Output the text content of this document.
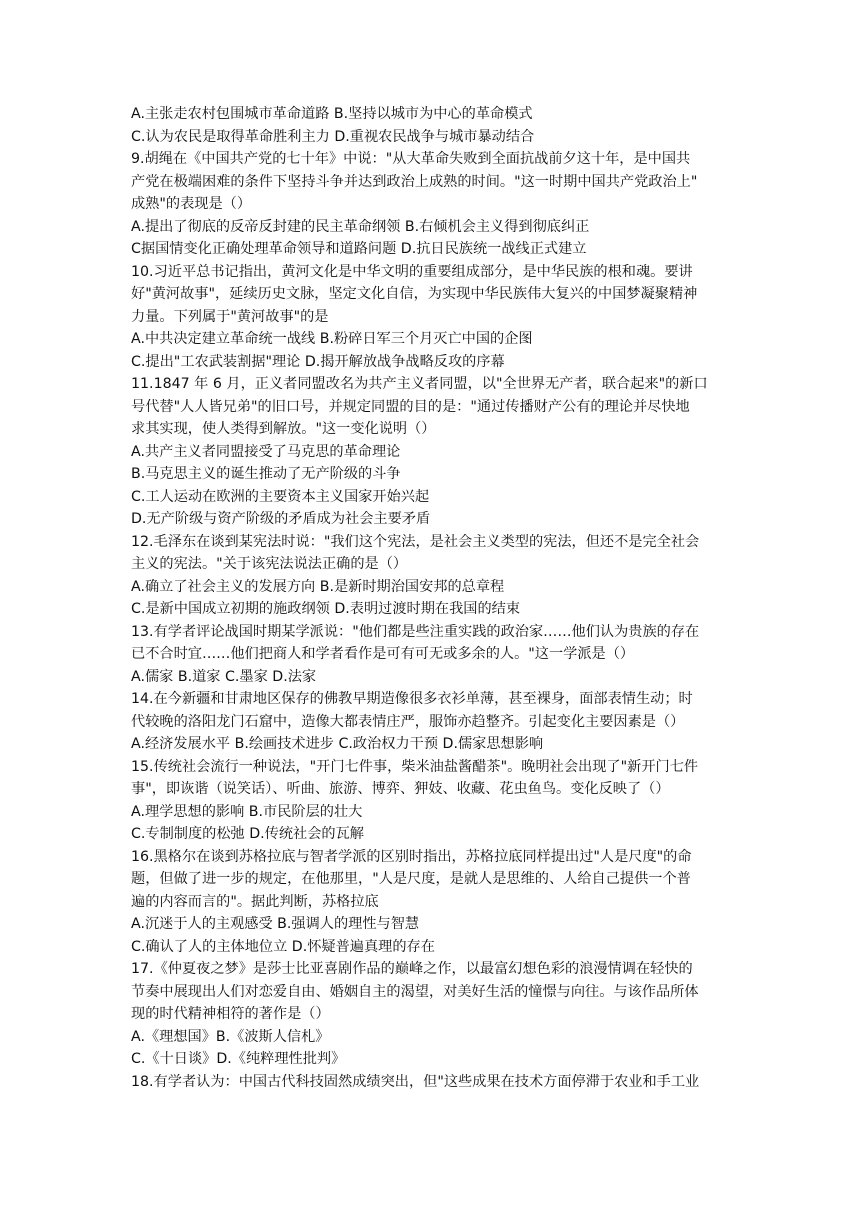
A.主张走农村包围城市革命道路 B.坚持以城市为中心的革命模式
C.认为农民是取得革命胜利主力 D.重视农民战争与城市暴动结合
9.胡绳在《中国共产党的七十年》中说："从大革命失败到全面抗战前夕这十年，是中国共
产党在极端困难的条件下坚持斗争并达到政治上成熟的时间。"这一时期中国共产党政治上"
成熟"的表现是（）
A.提出了彻底的反帝反封建的民主革命纲领 B.右倾机会主义得到彻底纠正
C据国情变化正确处理革命领导和道路问题 D.抗日民族统一战线正式建立
10.习近平总书记指出，黄河文化是中华文明的重要组成部分，是中华民族的根和魂。要讲
好"黄河故事"，延续历史文脉，坚定文化自信，为实现中华民族伟大复兴的中国梦凝聚精神
力量。下列属于"黄河故事"的是
A.中共决定建立革命统一战线 B.粉碎日军三个月灭亡中国的企图
C.提出"工农武装割据"理论 D.揭开解放战争战略反攻的序幕
11.1847 年 6 月，正义者同盟改名为共产主义者同盟，以"全世界无产者，联合起来"的新口
号代替"人人皆兄弟"的旧口号，并规定同盟的目的是："通过传播财产公有的理论并尽快地
求其实现，使人类得到解放。"这一变化说明（）
A.共产主义者同盟接受了马克思的革命理论
B.马克思主义的诞生推动了无产阶级的斗争
C.工人运动在欧洲的主要资本主义国家开始兴起
D.无产阶级与资产阶级的矛盾成为社会主要矛盾
12.毛泽东在谈到某宪法时说："我们这个宪法，是社会主义类型的宪法，但还不是完全社会
主义的宪法。"关于该宪法说法正确的是（）
A.确立了社会主义的发展方向 B.是新时期治国安邦的总章程
C.是新中国成立初期的施政纲领 D.表明过渡时期在我国的结束
13.有学者评论战国时期某学派说："他们都是些注重实践的政治家……他们认为贵族的存在
已不合时宜……他们把商人和学者看作是可有可无或多余的人。"这一学派是（）
A.儒家 B.道家 C.墨家 D.法家
14.在今新疆和甘肃地区保存的佛教早期造像很多衣衫单薄，甚至裸身，面部表情生动；时
代较晚的洛阳龙门石窟中，造像大都表情庄严，服饰亦趋整齐。引起变化主要因素是（）
A.经济发展水平 B.绘画技术进步 C.政治权力干预 D.儒家思想影响
15.传统社会流行一种说法，"开门七件事，柴米油盐酱醋茶"。晚明社会出现了"新开门七件
事"，即诙谐（说笑话）、听曲、旅游、博弈、狎妓、收藏、花虫鱼鸟。变化反映了（）
A.理学思想的影响 B.市民阶层的壮大
C.专制制度的松弛 D.传统社会的瓦解
16.黑格尔在谈到苏格拉底与智者学派的区别时指出，苏格拉底同样提出过"人是尺度"的命
题，但做了进一步的规定，在他那里，"人是尺度，是就人是思维的、人给自己提供一个普
遍的内容而言的"。据此判断，苏格拉底
A.沉迷于人的主观感受 B.强调人的理性与智慧
C.确认了人的主体地位立 D.怀疑普遍真理的存在
17.《仲夏夜之梦》是莎士比亚喜剧作品的巅峰之作，以最富幻想色彩的浪漫情调在轻快的
节奏中展现出人们对恋爱自由、婚姻自主的渴望，对美好生活的憧憬与向往。与该作品所体
现的时代精神相符的著作是（）
A.《理想国》B.《波斯人信札》
C.《十日谈》D.《纯粹理性批判》
18.有学者认为：中国古代科技固然成绩突出，但"这些成果在技术方面停滞于农业和手工业
